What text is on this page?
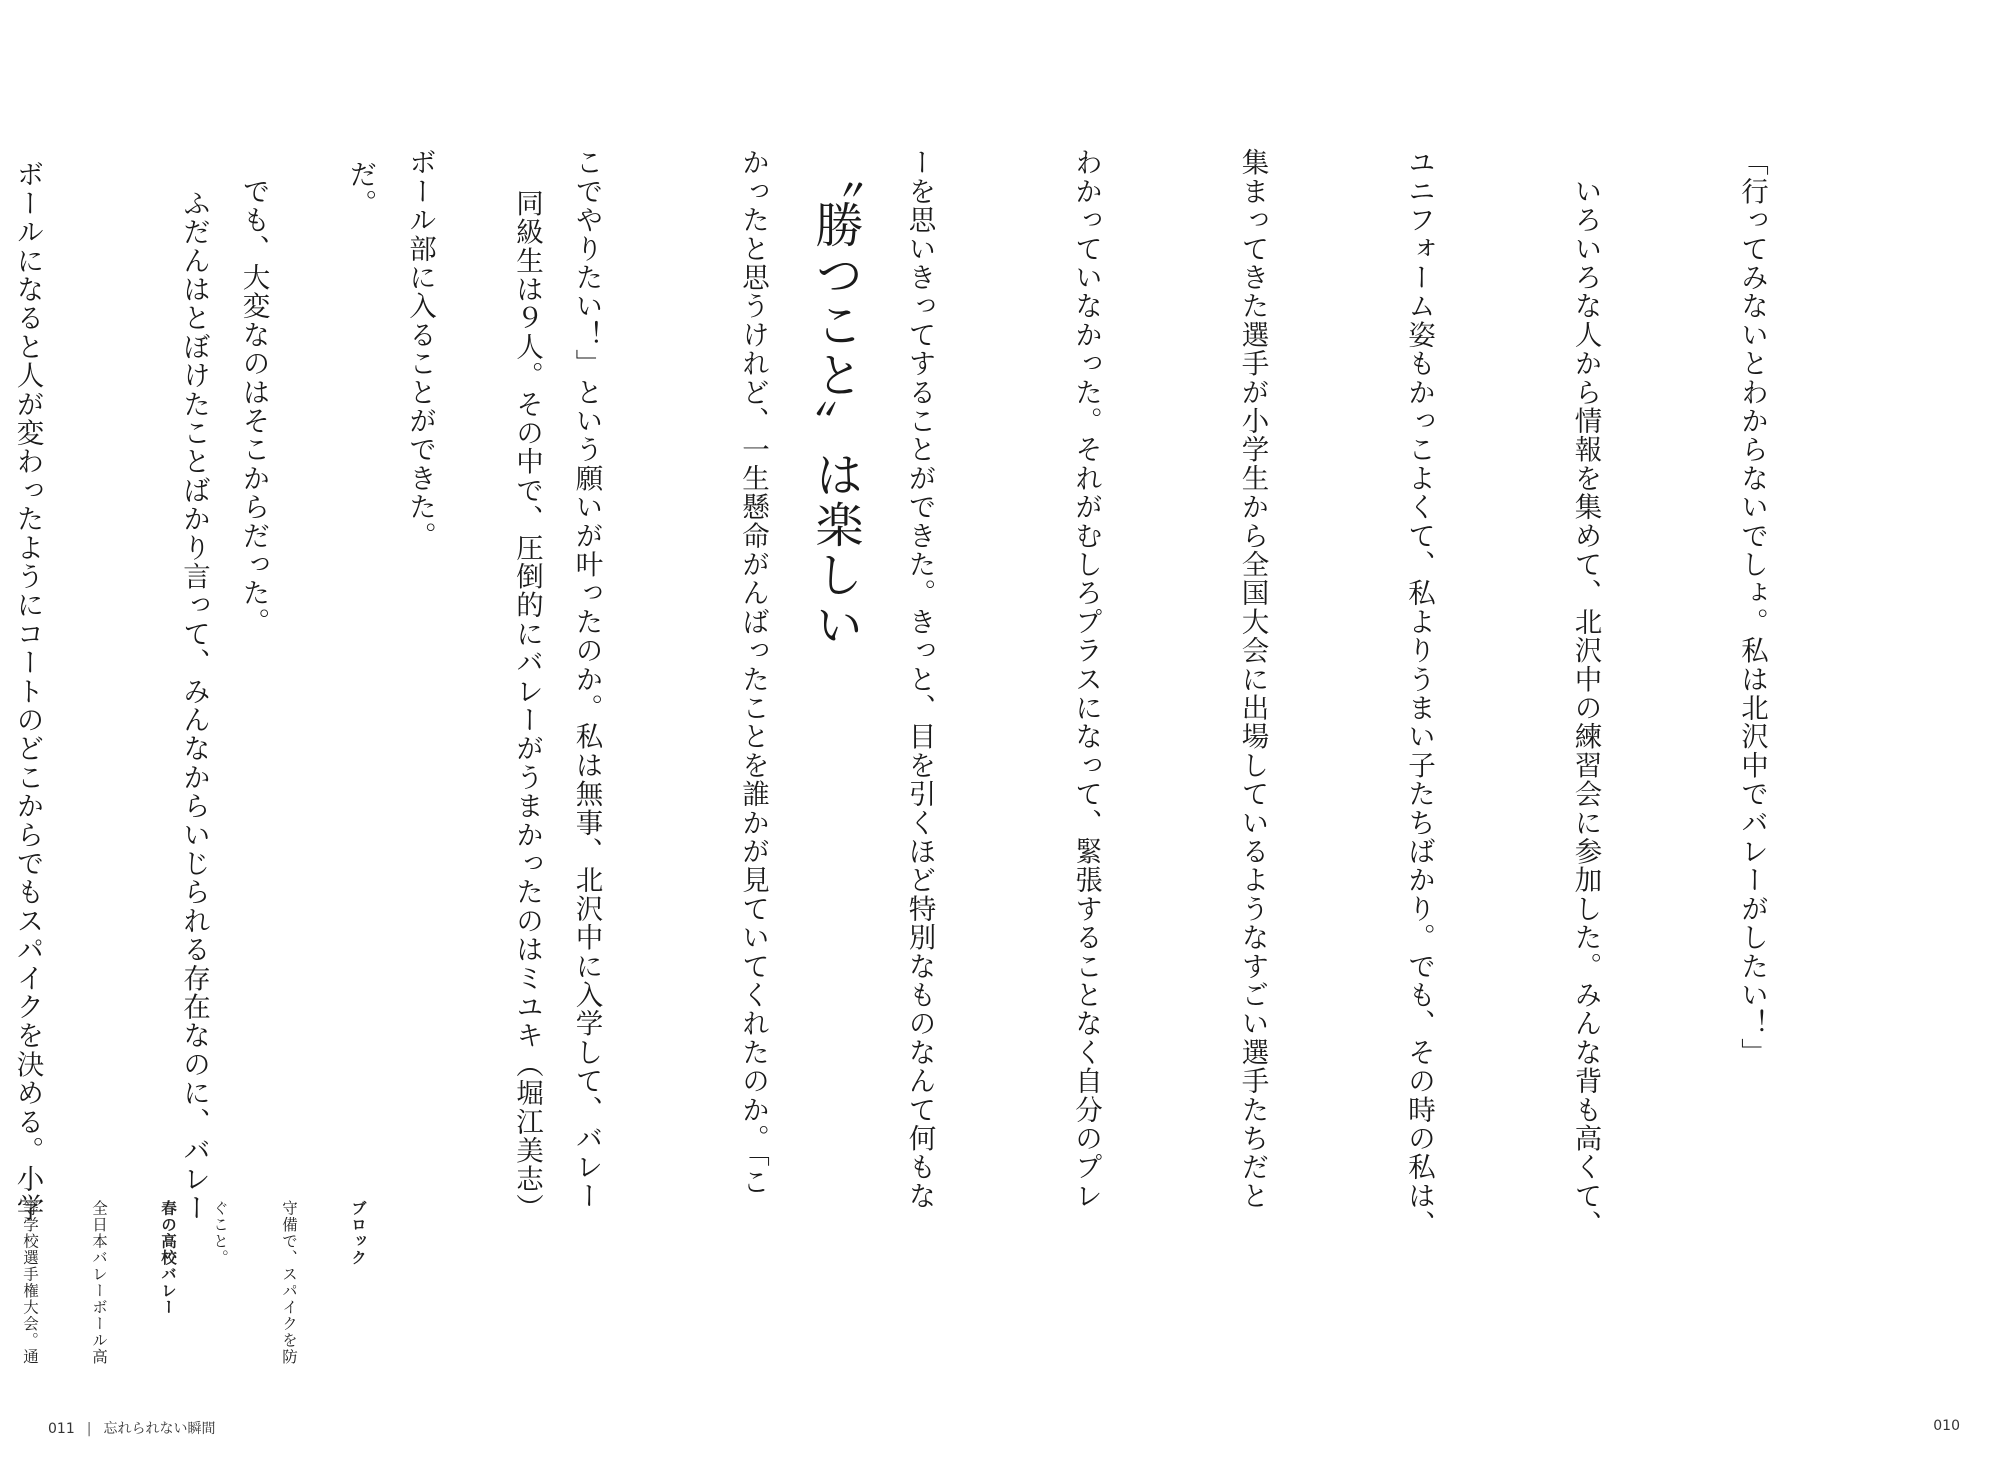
「行ってみないとわからないでしょ。私は北沢中でバレーがしたい！」

　いろいろな人から情報を集めて、北沢中の練習会に参加した。みんな背も高くて、

ユニフォーム姿もかっこよくて、私よりうまい子たちばかり。でも、その時の私は、

集まってきた選手が小学生から全国大会に出場しているようなすごい選手たちだと

わかっていなかった。それがむしろプラスになって、緊張することなく自分のプレ

ーを思いきってすることができた。きっと、目を引くほど特別なものなんて何もな

かったと思うけれど、一生懸命がんばったことを誰かが見ていてくれたのか。「こ

こでやりたい！」という願いが叶ったのか。私は無事、北沢中に入学して、バレー

ボール部に入ることができた。

　でも、大変なのはそこからだった。

	〝勝つこと〟は楽しい

　同級生は９人。その中で、圧倒的にバレーがうまかったのはミユキ（堀江美志）

だ。

　ふだんはとぼけたことばかり言って、みんなからいじられる存在なのに、バレー

ボールになると人が変わったようにコートのどこからでもスパイクを決める。小学

ブロック

守備で、スパイクを防

ぐこと。

春の高校バレー

全日本バレーボール高

等学校選手権大会。通

011 | 忘れられない瞬間	010
